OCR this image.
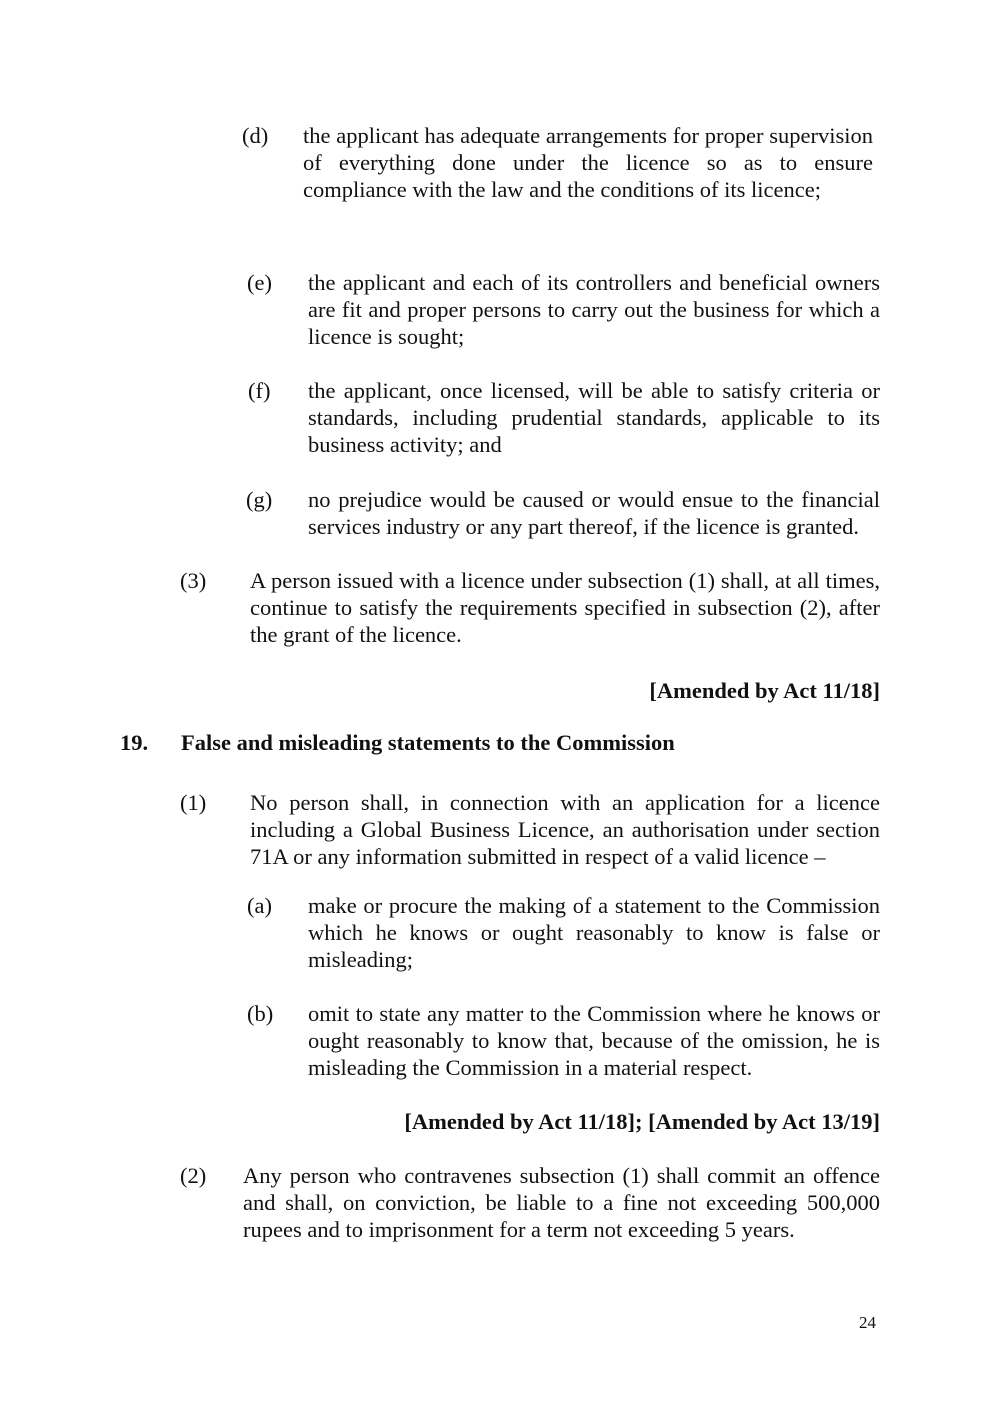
(d) the applicant has adequate arrangements for proper supervision of everything done under the licence so as to ensure compliance with the law and the conditions of its licence;
(e) the applicant and each of its controllers and beneficial owners are fit and proper persons to carry out the business for which a licence is sought;
(f) the applicant, once licensed, will be able to satisfy criteria or standards, including prudential standards, applicable to its business activity; and
(g) no prejudice would be caused or would ensue to the financial services industry or any part thereof, if the licence is granted.
(3) A person issued with a licence under subsection (1) shall, at all times, continue to satisfy the requirements specified in subsection (2), after the grant of the licence.
[Amended by Act 11/18]
19. False and misleading statements to the Commission
(1) No person shall, in connection with an application for a licence including a Global Business Licence, an authorisation under section 71A or any information submitted in respect of a valid licence –
(a) make or procure the making of a statement to the Commission which he knows or ought reasonably to know is false or misleading;
(b) omit to state any matter to the Commission where he knows or ought reasonably to know that, because of the omission, he is misleading the Commission in a material respect.
[Amended by Act 11/18]; [Amended by Act 13/19]
(2) Any person who contravenes subsection (1) shall commit an offence and shall, on conviction, be liable to a fine not exceeding 500,000 rupees and to imprisonment for a term not exceeding 5 years.
24
